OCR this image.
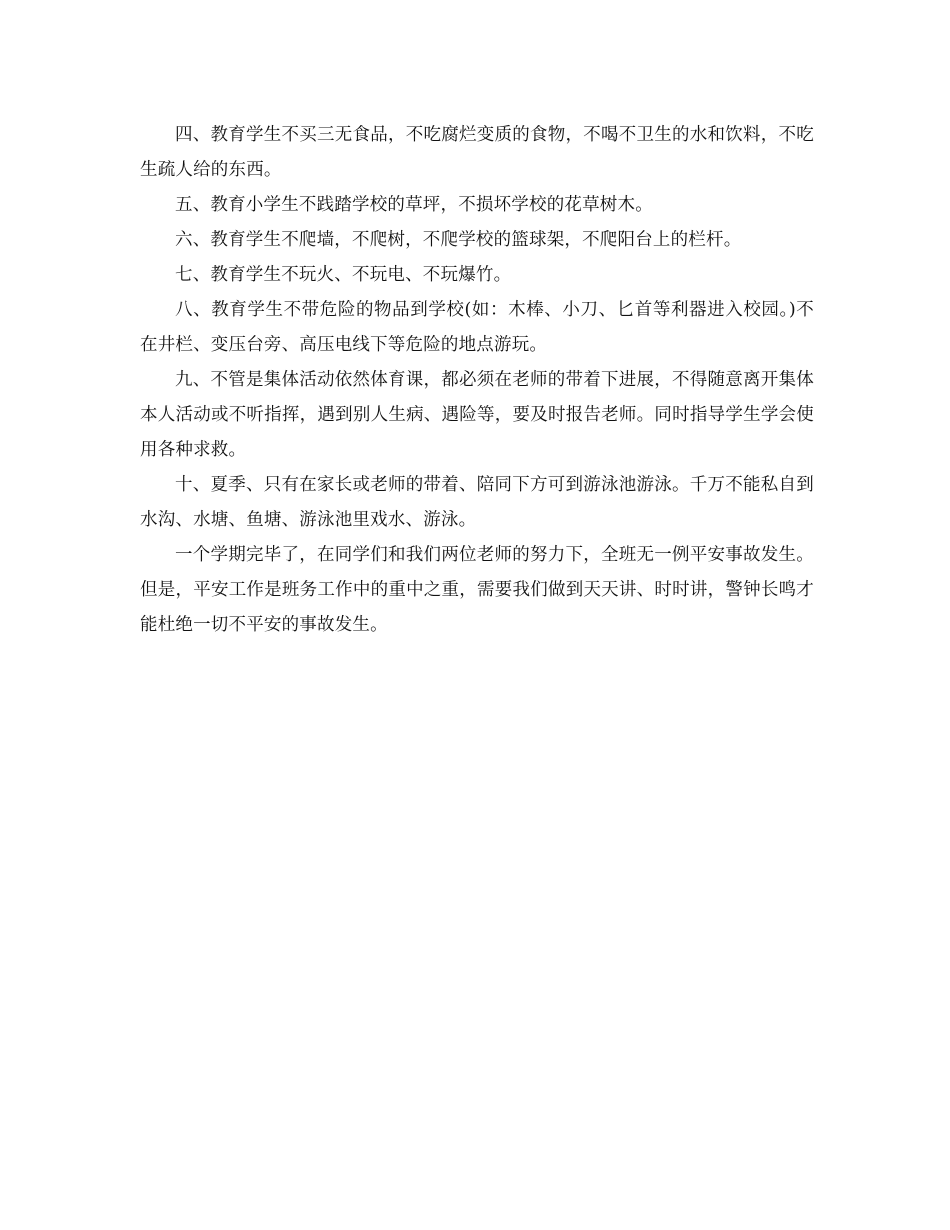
四、教育学生不买三无食品，不吃腐烂变质的食物，不喝不卫生的水和饮料，不吃生疏人给的东西。

五、教育小学生不践踏学校的草坪，不损坏学校的花草树木。

六、教育学生不爬墙，不爬树，不爬学校的篮球架，不爬阳台上的栏杆。

七、教育学生不玩火、不玩电、不玩爆竹。

八、教育学生不带危险的物品到学校(如：木棒、小刀、匕首等利器进入校园。)不在井栏、变压台旁、高压电线下等危险的地点游玩。

九、不管是集体活动依然体育课，都必须在老师的带着下进展，不得随意离开集体本人活动或不听指挥，遇到别人生病、遇险等，要及时报告老师。同时指导学生学会使用各种求救。

十、夏季、只有在家长或老师的带着、陪同下方可到游泳池游泳。千万不能私自到水沟、水塘、鱼塘、游泳池里戏水、游泳。

一个学期完毕了，在同学们和我们两位老师的努力下，全班无一例平安事故发生。但是，平安工作是班务工作中的重中之重，需要我们做到天天讲、时时讲，警钟长鸣才能杜绝一切不平安的事故发生。
